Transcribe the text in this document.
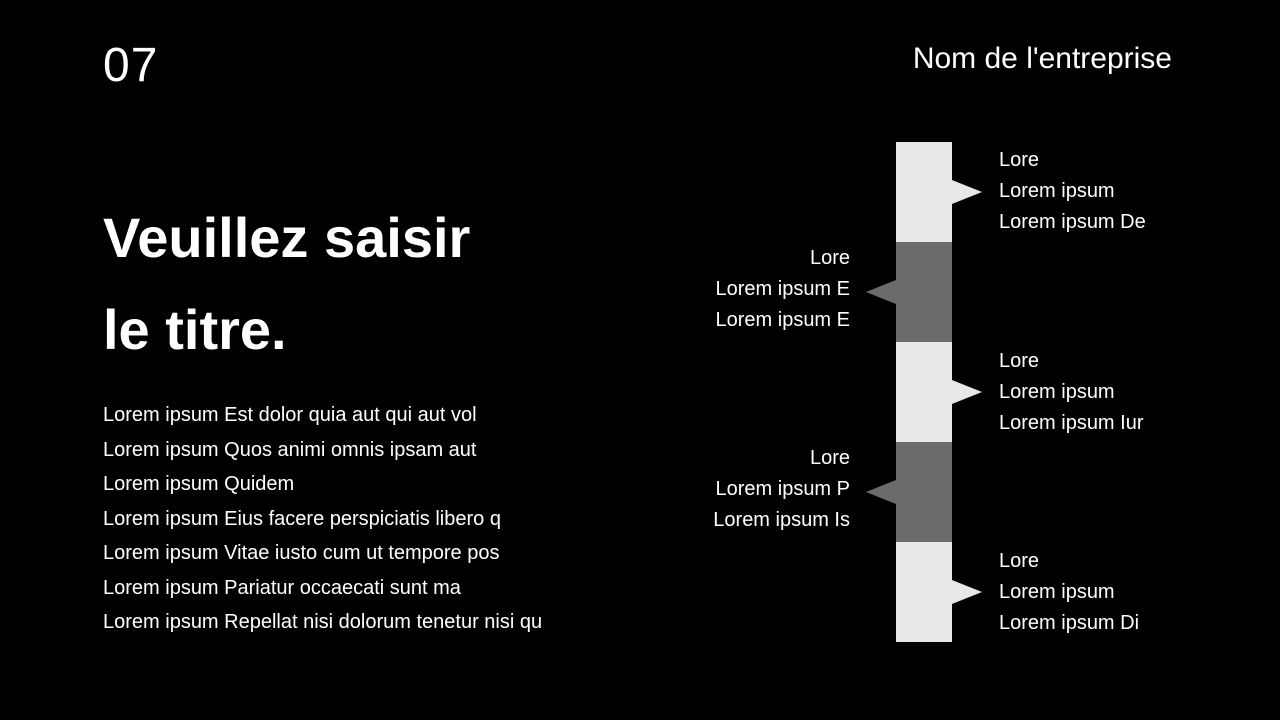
07	Nom de l'entreprise
Veuillez saisir
le titre.
Lorem ipsum Est dolor quia aut qui aut vol
Lorem ipsum Quos animi omnis ipsam aut
Lorem ipsum Quidem
Lorem ipsum Eius facere perspiciatis libero q
Lorem ipsum Vitae iusto cum ut tempore pos
Lorem ipsum Pariatur occaecati sunt ma
Lorem ipsum Repellat nisi dolorum tenetur nisi qu
Lore
Lorem ipsum
Lorem ipsum De
Lore
Lorem ipsum E
Lorem ipsum E
Lore
Lorem ipsum
Lorem ipsum Iur
Lore
Lorem ipsum P
Lorem ipsum Is
Lore
Lorem ipsum
Lorem ipsum Di
